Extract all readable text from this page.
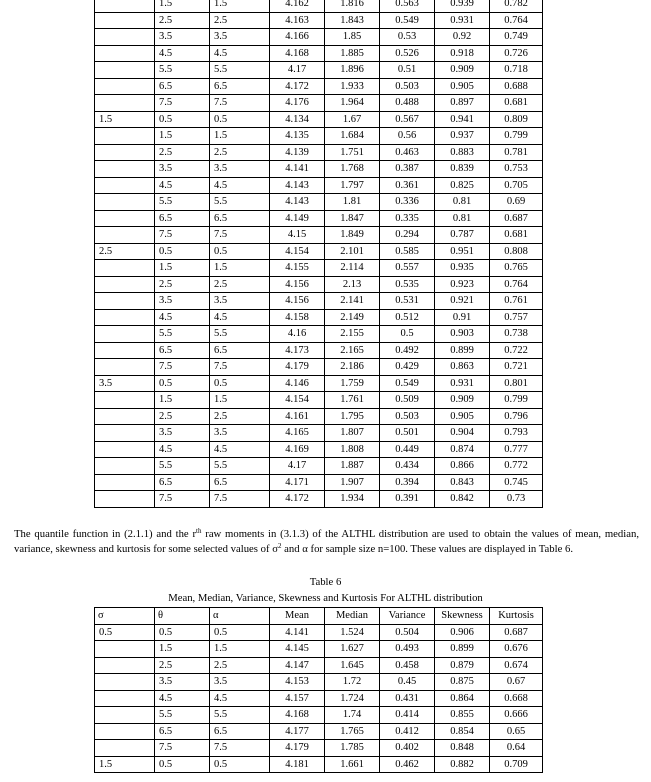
	1.5	1.5	4.162	1.816	0.563	0.939	0.782
	2.5	2.5	4.163	1.843	0.549	0.931	0.764
	3.5	3.5	4.166	1.85	0.53	0.92	0.749
	4.5	4.5	4.168	1.885	0.526	0.918	0.726
	5.5	5.5	4.17	1.896	0.51	0.909	0.718
	6.5	6.5	4.172	1.933	0.503	0.905	0.688
	7.5	7.5	4.176	1.964	0.488	0.897	0.681
1.5	0.5	0.5	4.134	1.67	0.567	0.941	0.809
	1.5	1.5	4.135	1.684	0.56	0.937	0.799
	2.5	2.5	4.139	1.751	0.463	0.883	0.781
	3.5	3.5	4.141	1.768	0.387	0.839	0.753
	4.5	4.5	4.143	1.797	0.361	0.825	0.705
	5.5	5.5	4.143	1.81	0.336	0.81	0.69
	6.5	6.5	4.149	1.847	0.335	0.81	0.687
	7.5	7.5	4.15	1.849	0.294	0.787	0.681
2.5	0.5	0.5	4.154	2.101	0.585	0.951	0.808
	1.5	1.5	4.155	2.114	0.557	0.935	0.765
	2.5	2.5	4.156	2.13	0.535	0.923	0.764
	3.5	3.5	4.156	2.141	0.531	0.921	0.761
	4.5	4.5	4.158	2.149	0.512	0.91	0.757
	5.5	5.5	4.16	2.155	0.5	0.903	0.738
	6.5	6.5	4.173	2.165	0.492	0.899	0.722
	7.5	7.5	4.179	2.186	0.429	0.863	0.721
3.5	0.5	0.5	4.146	1.759	0.549	0.931	0.801
	1.5	1.5	4.154	1.761	0.509	0.909	0.799
	2.5	2.5	4.161	1.795	0.503	0.905	0.796
	3.5	3.5	4.165	1.807	0.501	0.904	0.793
	4.5	4.5	4.169	1.808	0.449	0.874	0.777
	5.5	5.5	4.17	1.887	0.434	0.866	0.772
	6.5	6.5	4.171	1.907	0.394	0.843	0.745
	7.5	7.5	4.172	1.934	0.391	0.842	0.73
The quantile function in (2.1.1) and the $r^{th}$ raw moments in (3.1.3) of the ALTHL distribution are used to obtain the values of mean, median, variance, skewness and kurtosis for some selected values of $\sigma^2$ and α for sample size n=100. These values are displayed in Table 6.
Table 6
Mean, Median, Variance, Skewness and Kurtosis For ALTHL distribution
σ	θ	α	Mean	Median	Variance	Skewness	Kurtosis
0.5	0.5	0.5	4.141	1.524	0.504	0.906	0.687
	1.5	1.5	4.145	1.627	0.493	0.899	0.676
	2.5	2.5	4.147	1.645	0.458	0.879	0.674
	3.5	3.5	4.153	1.72	0.45	0.875	0.67
	4.5	4.5	4.157	1.724	0.431	0.864	0.668
	5.5	5.5	4.168	1.74	0.414	0.855	0.666
	6.5	6.5	4.177	1.765	0.412	0.854	0.65
	7.5	7.5	4.179	1.785	0.402	0.848	0.64
1.5	0.5	0.5	4.181	1.661	0.462	0.882	0.709
